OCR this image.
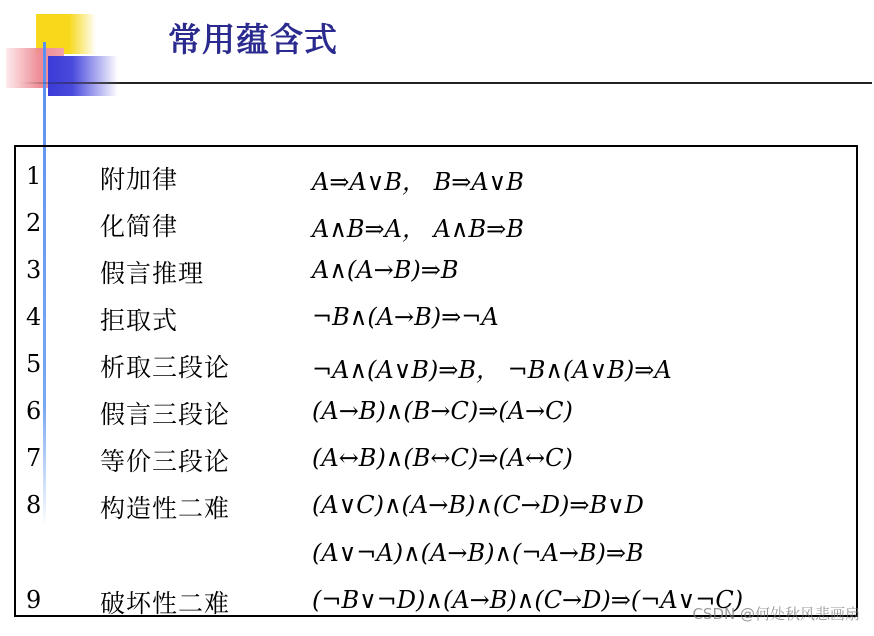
常用蕴含式
1 附加律	A⇒A∨B， B⇒A∨B
2 化简律	A∧B⇒A， A∧B⇒B
3 假言推理	A∧(A→B)⇒B
4 拒取式	¬B∧(A→B)⇒¬A
5 析取三段论	¬A∧(A∨B)⇒B， ¬B∧(A∨B)⇒A
6 假言三段论	(A→B)∧(B→C)⇒(A→C)
7 等价三段论	(A↔B)∧(B↔C)⇒(A↔C)
8 构造性二难	(A∨C)∧(A→B)∧(C→D)⇒B∨D
(A∨¬A)∧(A→B)∧(¬A→B)⇒B
9 破坏性二难	(¬B∨¬D)∧(A→B)∧(C→D)⇒(¬A∨¬C)
CSDN @何处秋风悲画扇
